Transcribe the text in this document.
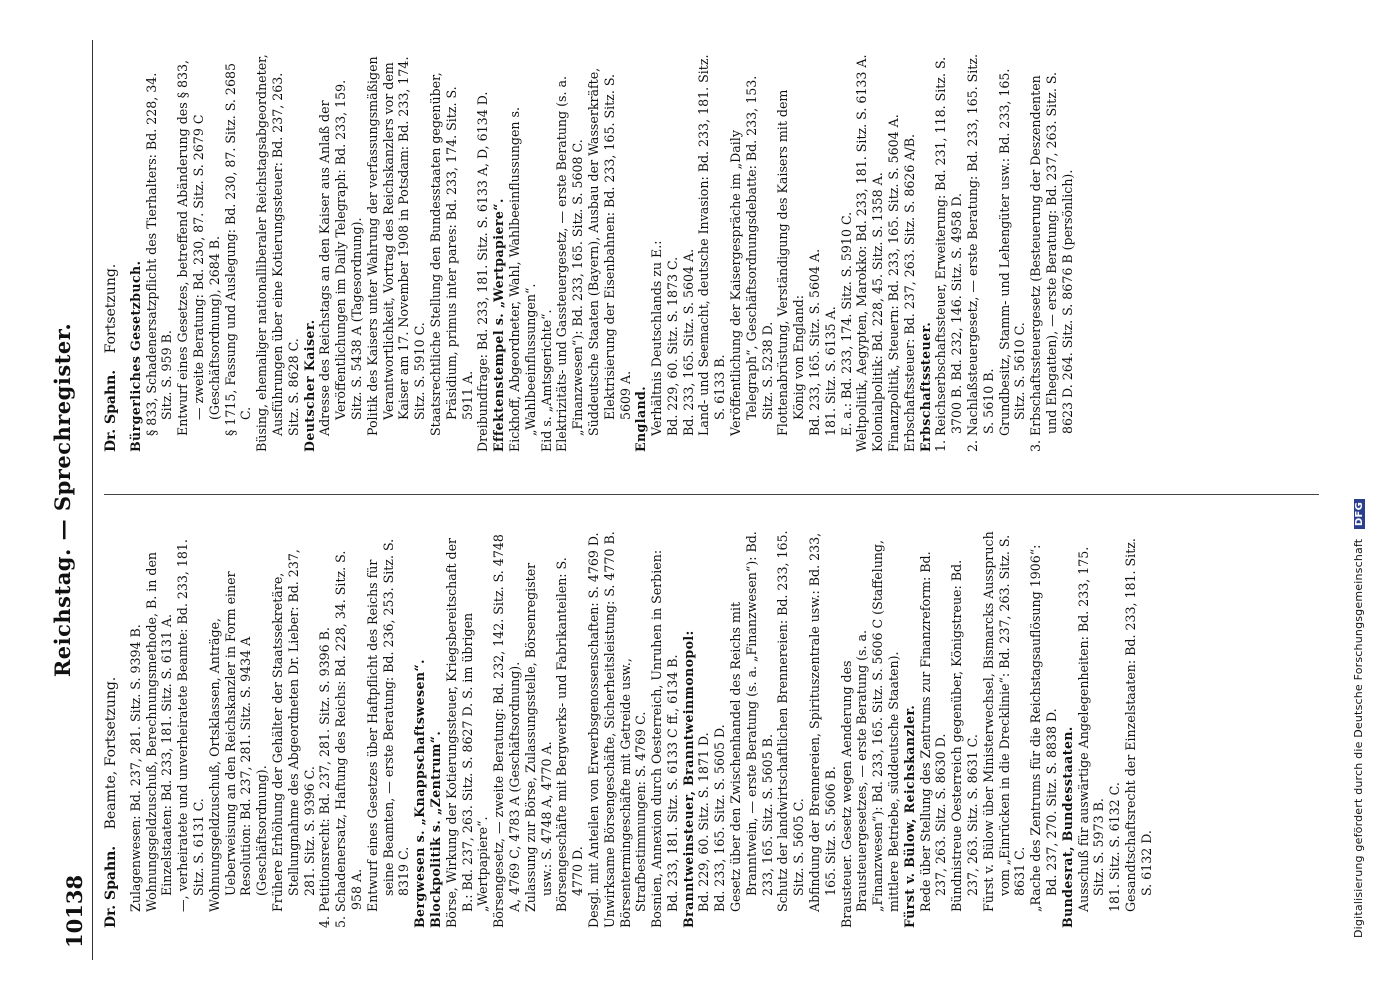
10138
Reichstag. — Sprechregister.
Dr. Spahn. Beamte, Fortsetzung. Zulagenwesen: Bd. 237, 281. Sitz. S. 9394 B. Wohnungsgeldzuschuß, Berechnungsmethode, B. in den Einzelstaaten: Bd. 233, 181. Sitz. S. 6131 A. —, verheiratete und unverheiratete Beamte: Bd. 233, 181. Sitz. S. 6131 C. Wohnungsgeldzuschuß, Ortsklassen, Anträge, Ueberweisung an den Reichskanzler in Form einer Resolution: Bd. 237, 281. Sitz. S. 9434 A (Geschäftsordnung). Frühere Erhöhung der Gehälter der Staatssekretäre, Stellungnahme des Abgeordneten Dr. Lieber: Bd. 237, 281. Sitz. S. 9396 C. 4. Petitionsrecht: Bd. 237, 281. Sitz. S. 9396 B. 5. Schadenersatz, Haftung des Reichs: Bd. 228, 34. Sitz. S. 958 A. Entwurf eines Gesetzes über Haftpflicht des Reichs für seine Beamten, — erste Beratung: Bd. 236, 253. Sitz. S. 8319 C. Bergwesen s. „Knappschaftswesen“. Blockpolitik s. „Zentrum“. Börse, Wirkung der Kotierungssteuer, Kriegsbereitschaft der B.: Bd. 237, 263. Sitz. S. 8627 D. S. im übrigen „Wertpapiere“. Börsengesetz, — zweite Beratung: Bd. 232, 142. Sitz. S. 4748 A, 4769 C, 4783 A (Geschäftsordnung). Zulassung zur Börse, Zulassungsstelle, Börsenregister usw.: S. 4748 A, 4770 A. Börsengeschäfte mit Bergwerks- und Fabrikanteilen: S. 4770 D. Desgl. mit Anteilen von Erwerbsgenossenschaften: S. 4769 D. Unwirksame Börsengeschäfte, Sicherheitsleistung: S. 4770 B. Börsentermingeschäfte mit Getreide usw., Strafbestimmungen: S. 4769 C. Bosnien, Annexion durch Oesterreich, Unruhen in Serbien: Bd. 233, 181. Sitz. S. 6133 C ff., 6134 B. Branntweinsteuer, Branntweinmonopol: Bd. 229, 60. Sitz. S. 1871 D. Bd. 233, 165. Sitz. S. 5605 D. Gesetz über den Zwischenhandel des Reichs mit Branntwein, — erste Beratung (s. a. „Finanzwesen“): Bd. 233, 165. Sitz. S. 5605 B. Schutz der landwirtschaftlichen Brennereien: Bd. 233, 165. Sitz. S. 5605 C. Abfindung der Brennereien, Spirituszentrale usw.: Bd. 233, 165. Sitz. S. 5606 B. Brausteuer. Gesetz wegen Aenderung des Brausteuergesetzes, — erste Beratung (s. a. „Finanzwesen“): Bd. 233, 165. Sitz. S. 5606 C (Staffelung, mittlere Betriebe, süddeutsche Staaten). Fürst v. Bülow, Reichskanzler. Rede über Stellung des Zentrums zur Finanzreform: Bd. 237, 263. Sitz. S. 8630 D. Bündnistreue Oesterreich gegenüber, Königstreue: Bd. 237, 263. Sitz. S. 8631 C. Fürst v. Bülow über Ministerwechsel, Bismarcks Ausspruch vom „Einrücken in die Drecklinie“: Bd. 237, 263. Sitz. S. 8631 C. „Rache des Zentrums für die Reichstagsauflösung 1906“: Bd. 237, 270. Sitz. S. 8838 D. Bundesrat, Bundesstaaten. Ausschuß für auswärtige Angelegenheiten: Bd. 233, 175. Sitz. S. 5973 B. 181. Sitz. S. 6132 C. Gesandtschaftsrecht der Einzelstaaten: Bd. 233, 181. Sitz. S. 6132 D.

Dr. Spahn. Fortsetzung. Bürgerliches Gesetzbuch. § 833, Schadenersatzpflicht des Tierhalters: Bd. 228, 34. Sitz. S. 959 B. Entwurf eines Gesetzes, betreffend Abänderung des § 833, — zweite Beratung: Bd. 230, 87. Sitz. S. 2679 C (Geschäftsordnung), 2684 B. § 1715, Fassung und Auslegung: Bd. 230, 87. Sitz. S. 2685 C. Büsing, ehemaliger nationalliberaler Reichstagsabgeordneter, Ausführungen über eine Kotierungssteuer: Bd. 237, 263. Sitz. S. 8628 C. Deutscher Kaiser. Adresse des Reichstags an den Kaiser aus Anlaß der Veröffentlichungen im Daily Telegraph: Bd. 233, 159. Sitz. S. 5438 A (Tagesordnung). Politik des Kaisers unter Wahrung der verfassungsmäßigen Verantwortlichkeit, Vortrag des Reichskanzlers vor dem Kaiser am 17. November 1908 in Potsdam: Bd. 233, 174. Sitz. S. 5910 C. Staatsrechtliche Stellung den Bundesstaaten gegenüber, Präsidium, primus inter pares: Bd. 233, 174. Sitz. S. 5911 A. Dreibundfrage: Bd. 233, 181. Sitz. S. 6133 A, D, 6134 D. Effektenstempel s. „Wertpapiere“. Eickhoff, Abgeordneter, Wahl, Wahlbeeinflussungen s. „Wahlbeeinflussungen“. Eid s. „Amtsgerichte“. Elektrizitäts- und Gassteuergesetz, — erste Beratung (s. a. „Finanzwesen“): Bd. 233, 165. Sitz. S. 5608 C. Süddeutsche Staaten (Bayern), Ausbau der Wasserkräfte, Elektrisierung der Eisenbahnen: Bd. 233, 165. Sitz. S. 5609 A. England. Verhältnis Deutschlands zu E.: Bd. 229, 60. Sitz. S. 1873 C. Bd. 233, 165. Sitz. S. 5604 A. Land- und Seemacht, deutsche Invasion: Bd. 233, 181. Sitz. S. 6133 B. Veröffentlichung der Kaisergespräche im „Daily Telegraph“, Geschäftsordnungsdebatte: Bd. 233, 153. Sitz. S. 5238 D. Flottenabrüstung, Verständigung des Kaisers mit dem König von England: Bd. 233, 165. Sitz. S. 5604 A. 181. Sitz. S. 6135 A. E. a.: Bd. 233, 174. Sitz. S. 5910 C. Weltpolitik, Aegypten, Marokko: Bd. 233, 181. Sitz. S. 6133 A. Kolonialpolitik: Bd. 228, 45. Sitz. S. 1358 A. Finanzpolitik, Steuern: Bd. 233, 165. Sitz. S. 5604 A. Erbschaftssteuer: Bd. 237, 263. Sitz. S. 8626 A/B. Erbschaftssteuer. 1. Reichserbschaftssteuer, Erweiterung: Bd. 231, 118. Sitz. S. 3700 B. Bd. 232, 146. Sitz. S. 4958 D. 2. Nachlaßsteuergesetz, — erste Beratung: Bd. 233, 165. Sitz. S. 5610 B. Grundbesitz, Stamm- und Lehengüter usw.: Bd. 233, 165. Sitz. S. 5610 C. 3. Erbschaftssteuergesetz (Besteuerung der Deszendenten und Ehegatten), — erste Beratung: Bd. 237, 263. Sitz. S. 8623 D. 264. Sitz. S. 8676 B (persönlich).

Digitalisierung gefördert durch die Deutsche Forschungsgemeinschaft DFG
